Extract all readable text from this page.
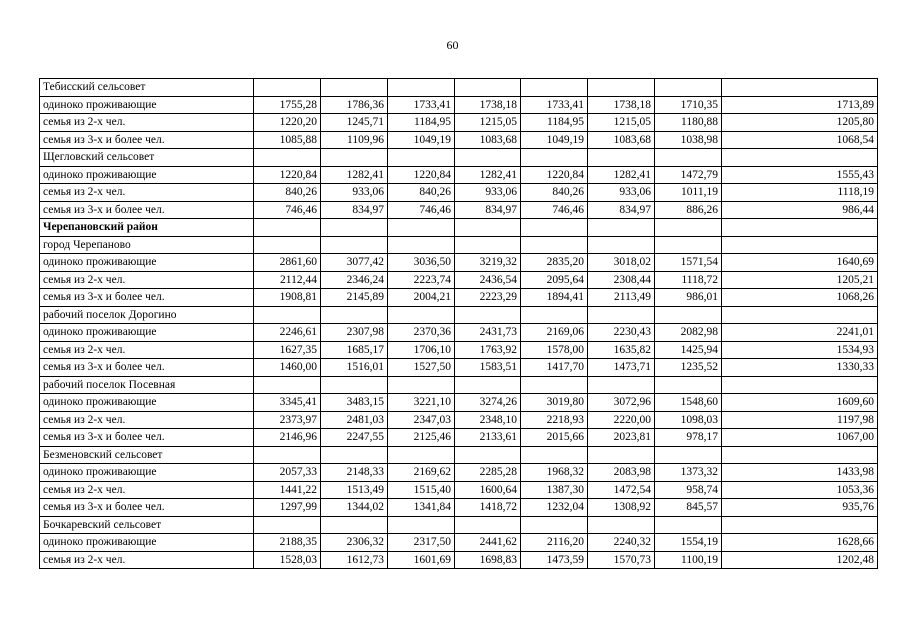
60
Тебисский сельсовет								
одиноко проживающие	1755,28	1786,36	1733,41	1738,18	1733,41	1738,18	1710,35	1713,89
семья из 2-х чел.	1220,20	1245,71	1184,95	1215,05	1184,95	1215,05	1180,88	1205,80
семья из 3-х и более чел.	1085,88	1109,96	1049,19	1083,68	1049,19	1083,68	1038,98	1068,54
Щегловский сельсовет								
одиноко проживающие	1220,84	1282,41	1220,84	1282,41	1220,84	1282,41	1472,79	1555,43
семья из 2-х чел.	840,26	933,06	840,26	933,06	840,26	933,06	1011,19	1118,19
семья из 3-х и более чел.	746,46	834,97	746,46	834,97	746,46	834,97	886,26	986,44
Черепановский район								
город Черепаново								
одиноко проживающие	2861,60	3077,42	3036,50	3219,32	2835,20	3018,02	1571,54	1640,69
семья из 2-х чел.	2112,44	2346,24	2223,74	2436,54	2095,64	2308,44	1118,72	1205,21
семья из 3-х и более чел.	1908,81	2145,89	2004,21	2223,29	1894,41	2113,49	986,01	1068,26
рабочий поселок Дорогино								
одиноко проживающие	2246,61	2307,98	2370,36	2431,73	2169,06	2230,43	2082,98	2241,01
семья из 2-х чел.	1627,35	1685,17	1706,10	1763,92	1578,00	1635,82	1425,94	1534,93
семья из 3-х и более чел.	1460,00	1516,01	1527,50	1583,51	1417,70	1473,71	1235,52	1330,33
рабочий поселок Посевная								
одиноко проживающие	3345,41	3483,15	3221,10	3274,26	3019,80	3072,96	1548,60	1609,60
семья из 2-х чел.	2373,97	2481,03	2347,03	2348,10	2218,93	2220,00	1098,03	1197,98
семья из 3-х и более чел.	2146,96	2247,55	2125,46	2133,61	2015,66	2023,81	978,17	1067,00
Безменовский сельсовет								
одиноко проживающие	2057,33	2148,33	2169,62	2285,28	1968,32	2083,98	1373,32	1433,98
семья из 2-х чел.	1441,22	1513,49	1515,40	1600,64	1387,30	1472,54	958,74	1053,36
семья из 3-х и более чел.	1297,99	1344,02	1341,84	1418,72	1232,04	1308,92	845,57	935,76
Бочкаревский сельсовет								
одиноко проживающие	2188,35	2306,32	2317,50	2441,62	2116,20	2240,32	1554,19	1628,66
семья из 2-х чел.	1528,03	1612,73	1601,69	1698,83	1473,59	1570,73	1100,19	1202,48
